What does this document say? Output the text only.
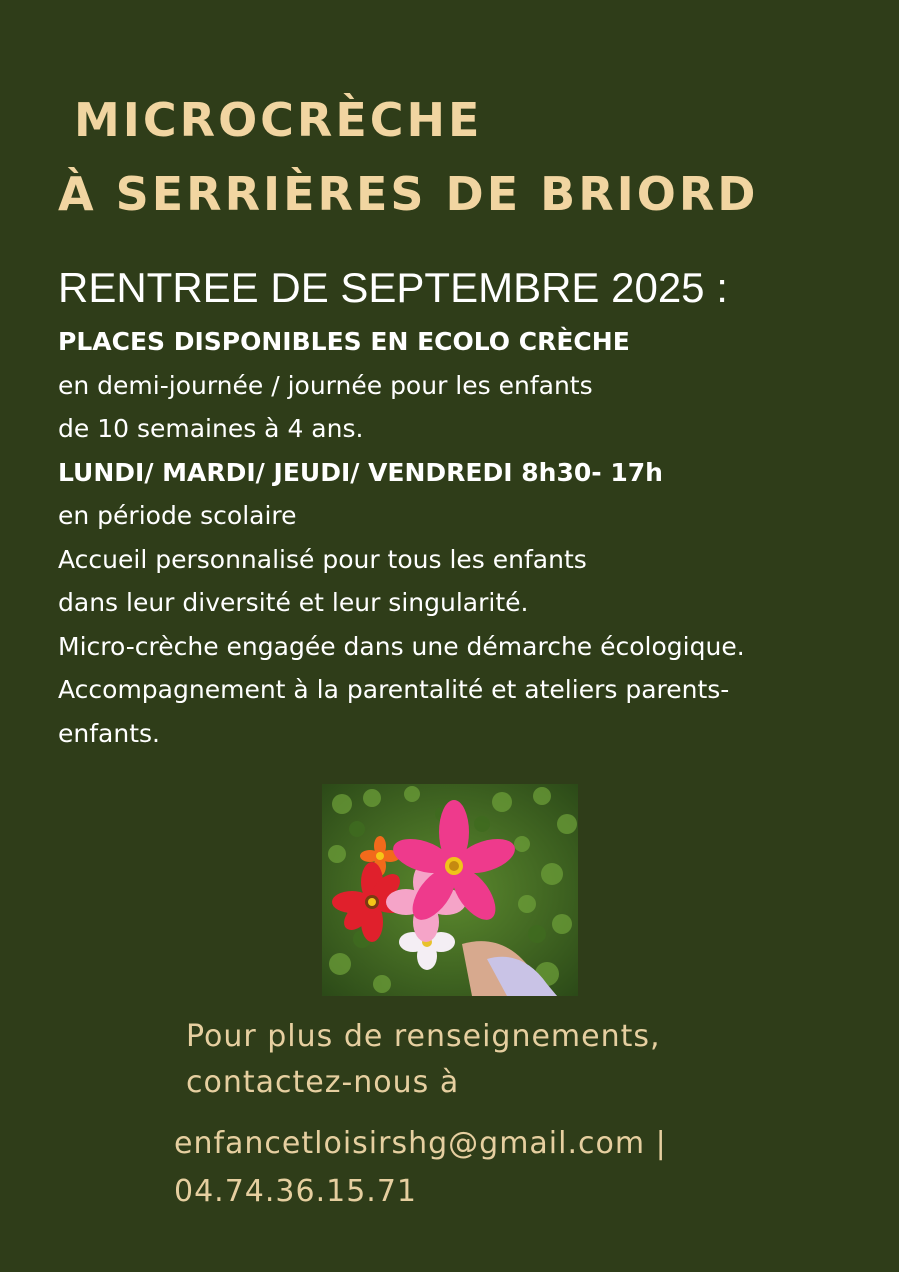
MICROCRÈCHE
À SERRIÈRES DE BRIORD

RENTREE DE SEPTEMBRE 2025 :

PLACES DISPONIBLES EN ECOLO CRÈCHE
en demi-journée / journée pour les enfants
de 10 semaines à 4 ans.
LUNDI/ MARDI/ JEUDI/ VENDREDI 8h30- 17h
en période scolaire
Accueil personnalisé pour tous les enfants
dans leur diversité et leur singularité.
Micro-crèche engagée dans une démarche écologique.
Accompagnement à la parentalité et ateliers parents-
enfants.
Pour plus de renseignements,
contactez-nous à
enfancetloisirshg@gmail.com |
04.74.36.15.71
